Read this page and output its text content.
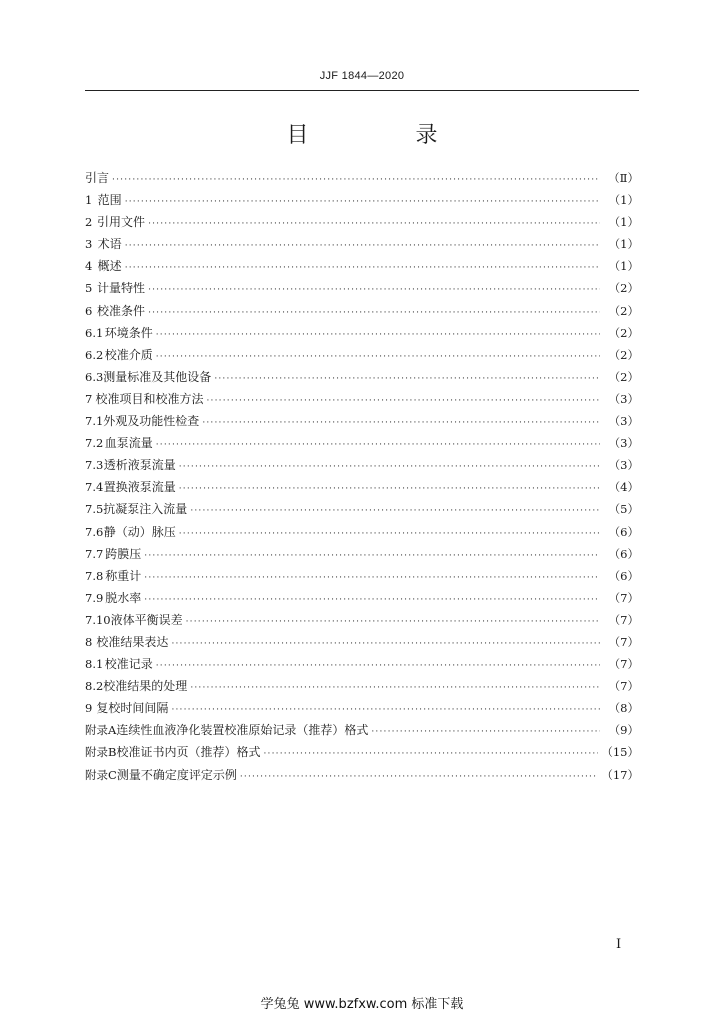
JJF 1844—2020
目 录
引言 ·····	（Ⅱ）
1 范围 ·····	（1）
2 引用文件 ·····	（1）
3 术语 ·····	（1）
4 概述 ·····	（1）
5 计量特性 ·····	（2）
6 校准条件 ·····	（2）
6.1 环境条件 ·····	（2）
6.2 校准介质 ·····	（2）
6.3 测量标准及其他设备 ·····	（2）
7 校准项目和校准方法 ·····	（3）
7.1 外观及功能性检查 ·····	（3）
7.2 血泵流量 ·····	（3）
7.3 透析液泵流量 ·····	（3）
7.4 置换液泵流量 ·····	（4）
7.5 抗凝泵注入流量 ·····	（5）
7.6 静（动）脉压 ·····	（6）
7.7 跨膜压 ·····	（6）
7.8 称重计 ·····	（6）
7.9 脱水率 ·····	（7）
7.10 液体平衡误差 ·····	（7）
8 校准结果表达 ·····	（7）
8.1 校准记录 ·····	（7）
8.2 校准结果的处理 ·····	（7）
9 复校时间间隔 ·····	（8）
附录A 连续性血液净化装置校准原始记录（推荐）格式 ·····	（9）
附录B 校准证书内页（推荐）格式 ·····	（15）
附录C 测量不确定度评定示例 ·····	（17）
I
学兔兔 www.bzfxw.com 标准下载
